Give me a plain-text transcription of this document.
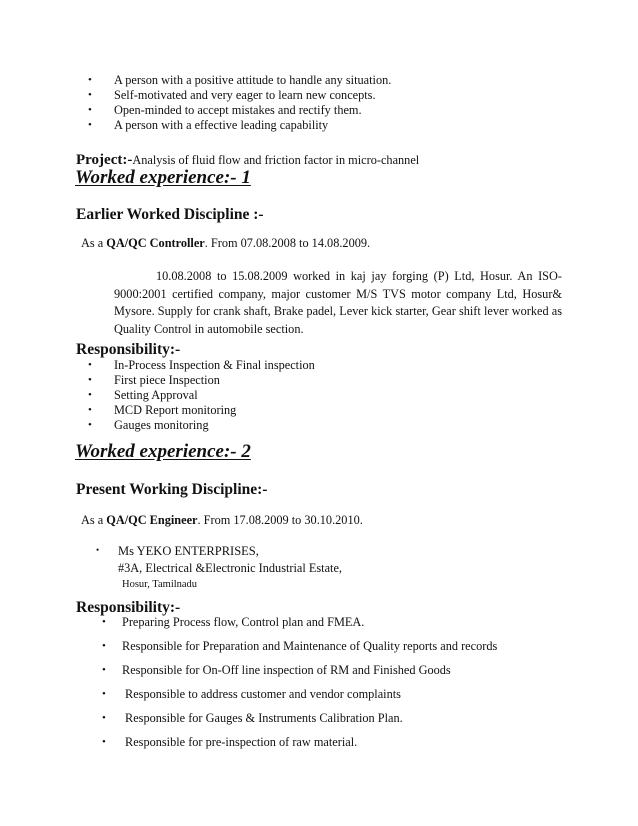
• A person with a positive attitude to handle any situation.
• Self-motivated and very eager to learn new concepts.
• Open-minded to accept mistakes and rectify them.
• A person with a effective leading capability
Project:-Analysis of fluid flow and friction factor in micro-channel
Worked experience:- 1
Earlier Worked Discipline :-
As a QA/QC Controller. From 07.08.2008 to 14.08.2009.
10.08.2008 to 15.08.2009 worked in kaj jay forging (P) Ltd, Hosur. An ISO-9000:2001 certified company, major customer M/S TVS motor company Ltd, Hosur& Mysore. Supply for crank shaft, Brake padel, Lever kick starter, Gear shift lever worked as Quality Control in automobile section.
Responsibility:-
• In-Process Inspection & Final inspection
• First piece Inspection
• Setting Approval
• MCD Report monitoring
• Gauges monitoring
Worked experience:- 2
Present Working Discipline:-
As a QA/QC Engineer. From 17.08.2009 to 30.10.2010.
• Ms YEKO ENTERPRISES,
#3A, Electrical &Electronic Industrial Estate,
Hosur, Tamilnadu
Responsibility:-
• Preparing Process flow, Control plan and FMEA.
• Responsible for Preparation and Maintenance of Quality reports and records
• Responsible for On-Off line inspection of RM and Finished Goods
• Responsible to address customer and vendor complaints
• Responsible for Gauges & Instruments Calibration Plan.
• Responsible for pre-inspection of raw material.
